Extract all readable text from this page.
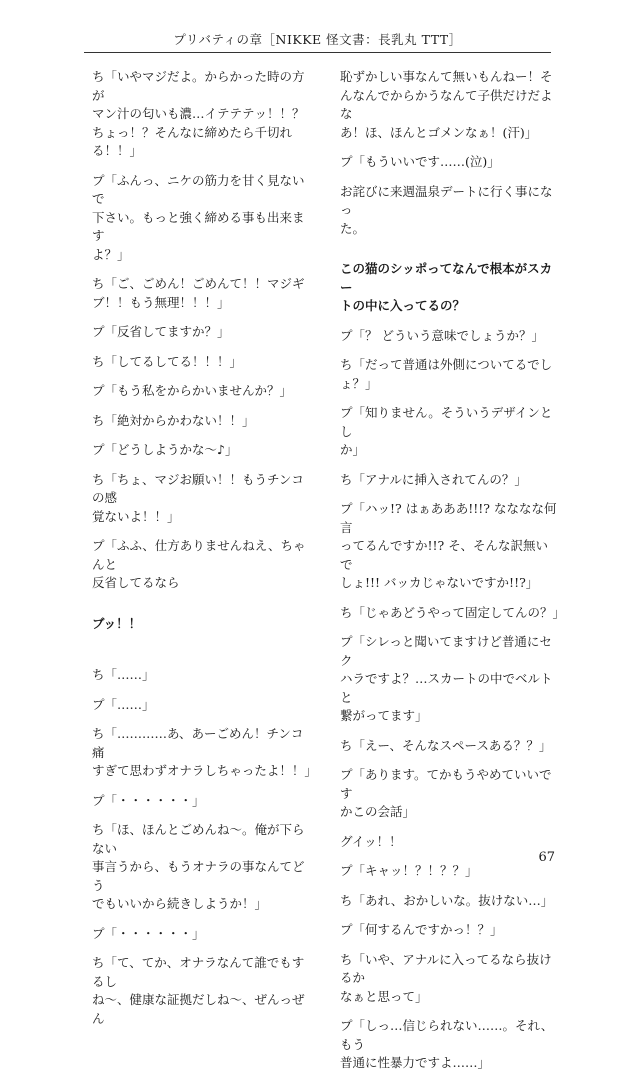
プリバティの章［NIKKE 怪文書：長乳丸 TTT］

ち「いやマジだよ。からかった時の方が
マン汁の匂いも濃…イテテテッ！！？
ちょっ！？そんなに締めたら千切れ
る！！」

プ「ふんっ、ニケの筋力を甘く見ないで
下さい。もっと強く締める事も出来ます
よ？」

ち「ご、ごめん！ごめんて！！マジギ
ブ！！もう無理！！！」

プ「反省してますか？」

ち「してるしてる！！！」

プ「もう私をからかいませんか？」

ち「絶対からかわない！！」

プ「どうしようかな～♪」

ち「ちょ、マジお願い！！もうチンコの感
覚ないよ！！」

プ「ふふ、仕方ありませんねえ、ちゃんと
反省してるなら

ブッ！！

ち「……」

プ「……」

ち「…………あ、あーごめん！チンコ痛
すぎて思わずオナラしちゃったよ！！」

プ「・・・・・・」

ち「ほ、ほんとごめんね～。俺が下らない
事言うから、もうオナラの事なんてどう
でもいいから続きしようか！」

プ「・・・・・・」

ち「て、てか、オナラなんて誰でもするし
ね～、健康な証拠だしね～、ぜんっぜん

恥ずかしい事なんて無いもんねー！そ
んなんでからかうなんて子供だけだよな
あ！ほ、ほんとゴメンなぁ！(汗)」

プ「もういいです……(泣)」

お詫びに来週温泉デートに行く事になっ
た。

この猫のシッポってなんで根本がスカー
トの中に入ってるの？

プ「？ どういう意味でしょうか？」

ち「だって普通は外側についてるでし
ょ？」

プ「知りません。そういうデザインとし
か」

ち「アナルに挿入されてんの？」

プ「ハッ!? はぁあああ!!!? なななな何言
ってるんですか!!? そ、そんな訳無いで
しょ!!! バッカじゃないですか!!?」

ち「じゃあどうやって固定してんの？」

プ「シレっと聞いてますけど普通にセク
ハラですよ？…スカートの中でベルトと
繋がってます」

ち「えー、そんなスペースある？？」

プ「あります。てかもうやめていいです
かこの会話」

グイッ！！

プ「キャッ！？！？？」

ち「あれ、おかしいな。抜けない…」

プ「何するんですかっ！？」

ち「いや、アナルに入ってるなら抜けるか
なぁと思って」

プ「しっ…信じられない……。それ、もう
普通に性暴力ですよ……」

67
